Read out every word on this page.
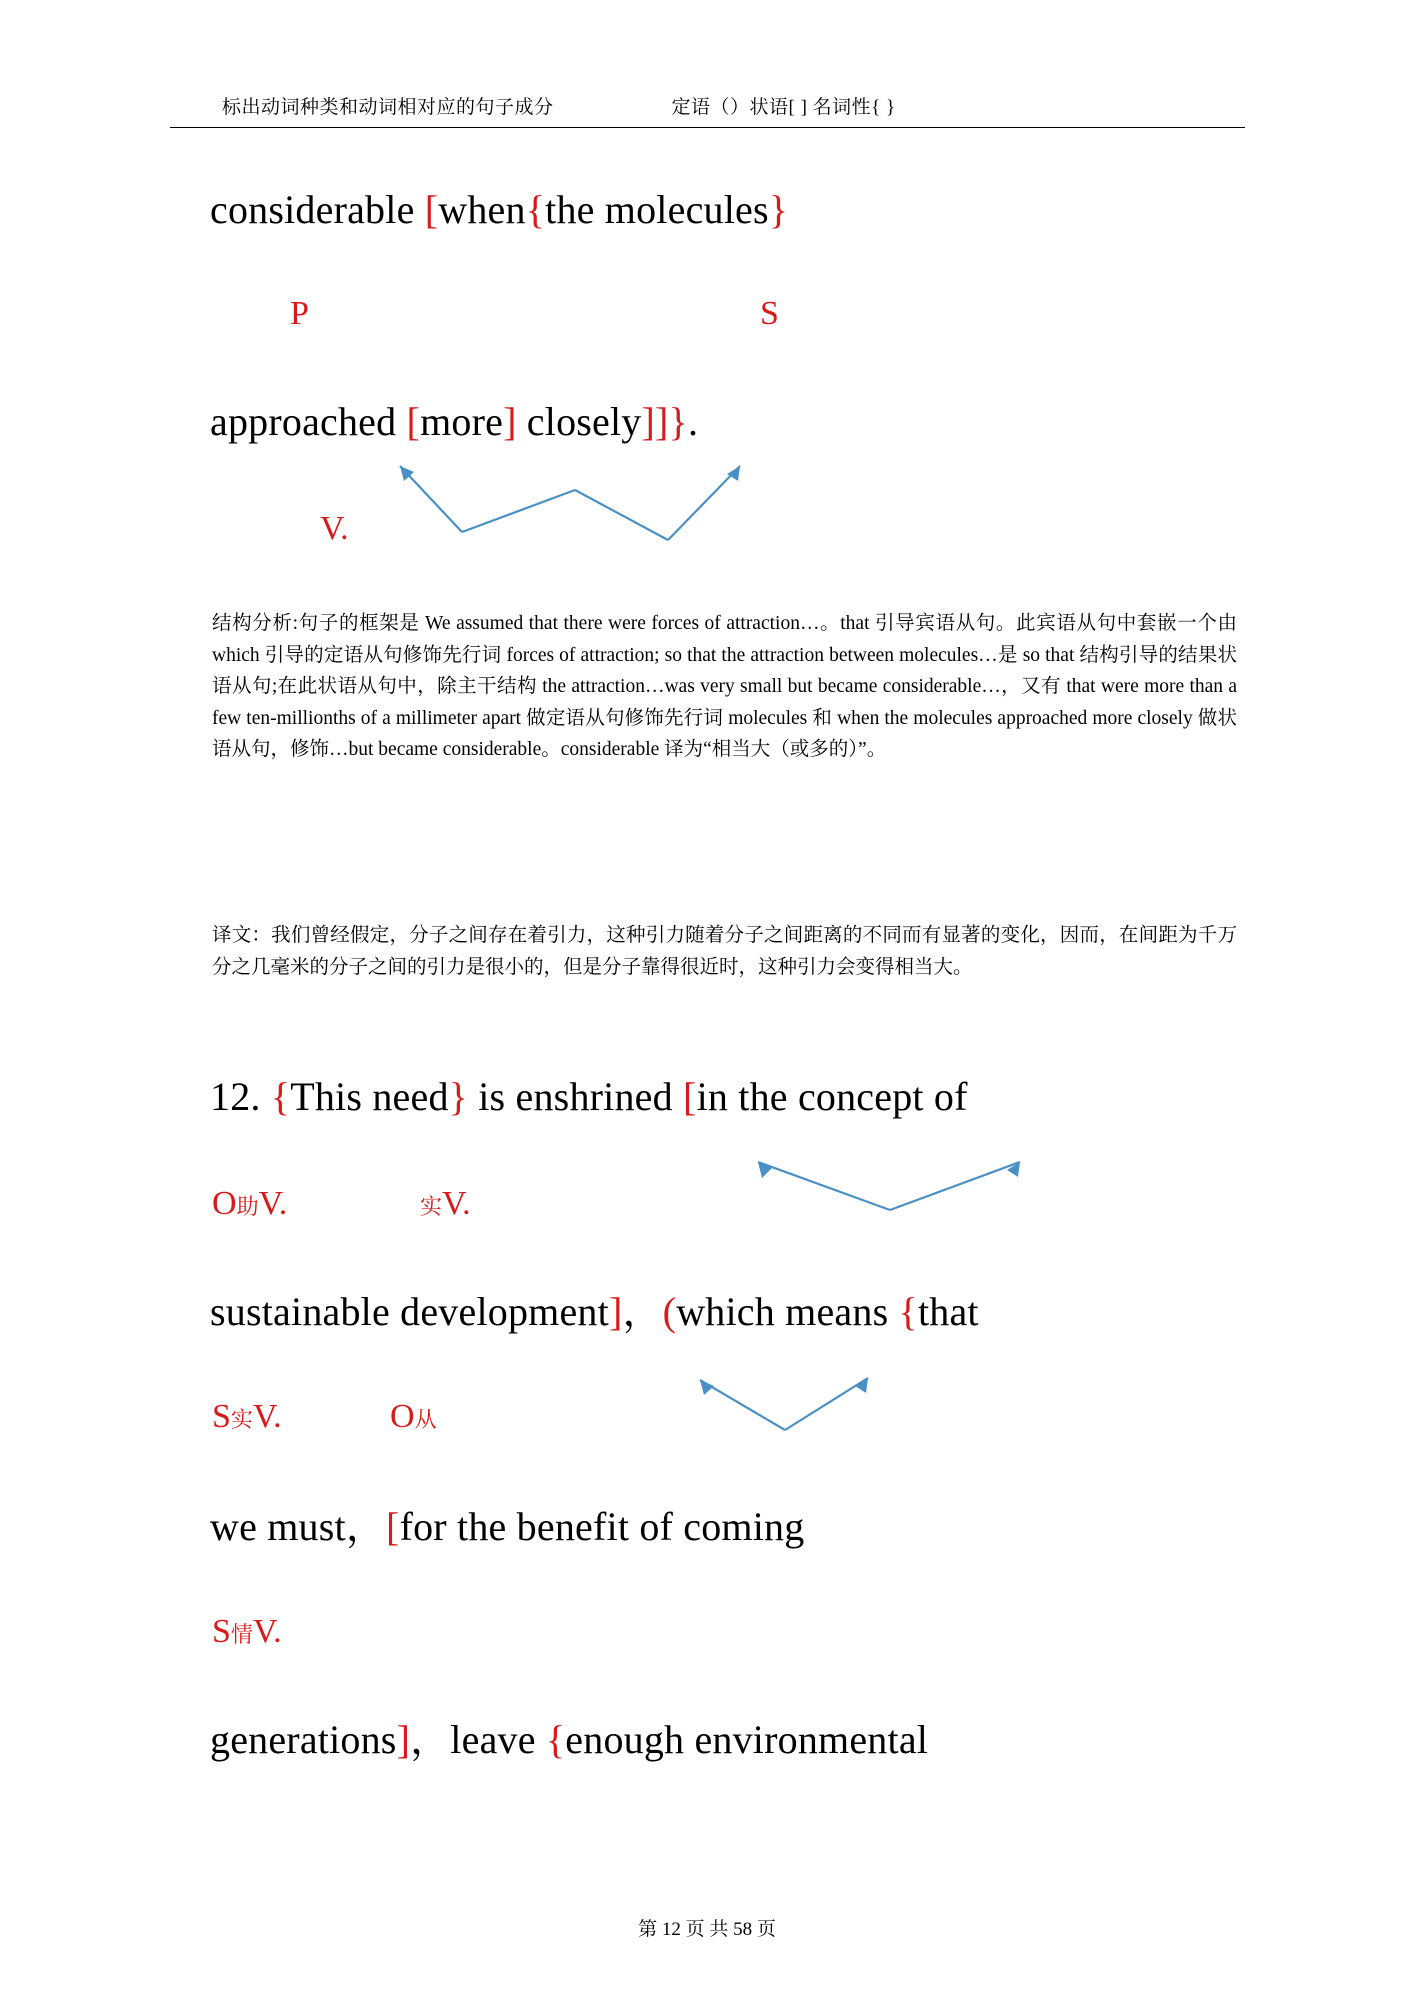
标出动词种类和动词相对应的句子成分	定语（）状语[ ] 名词性{ }
considerable [when{the molecules}
P	S
approached [more] closely]]}.
V.
结构分析:句子的框架是 We assumed that there were forces of attraction…。that 引导宾语从句。此宾语从句中套嵌一个由 which 引导的定语从句修饰先行词 forces of attraction; so that the attraction between molecules…是 so that 结构引导的结果状语从句;在此状语从句中，除主干结构 the attraction…was very small but became considerable…，又有 that were more than a few ten-millionths of a millimeter apart 做定语从句修饰先行词 molecules 和 when the molecules approached more closely 做状语从句，修饰…but became considerable。considerable 译为“相当大（或多的）”。
译文：我们曾经假定，分子之间存在着引力，这种引力随着分子之间距离的不同而有显著的变化，因而，在间距为千万分之几毫米的分子之间的引力是很小的，但是分子靠得很近时，这种引力会变得相当大。
12. {This need} is enshrined [in the concept of
O助V.	实V.
sustainable development]，(which means {that
S实V.	O从
we must，[for the benefit of coming
S情V.
generations]，leave {enough environmental
第 12 页 共 58 页
